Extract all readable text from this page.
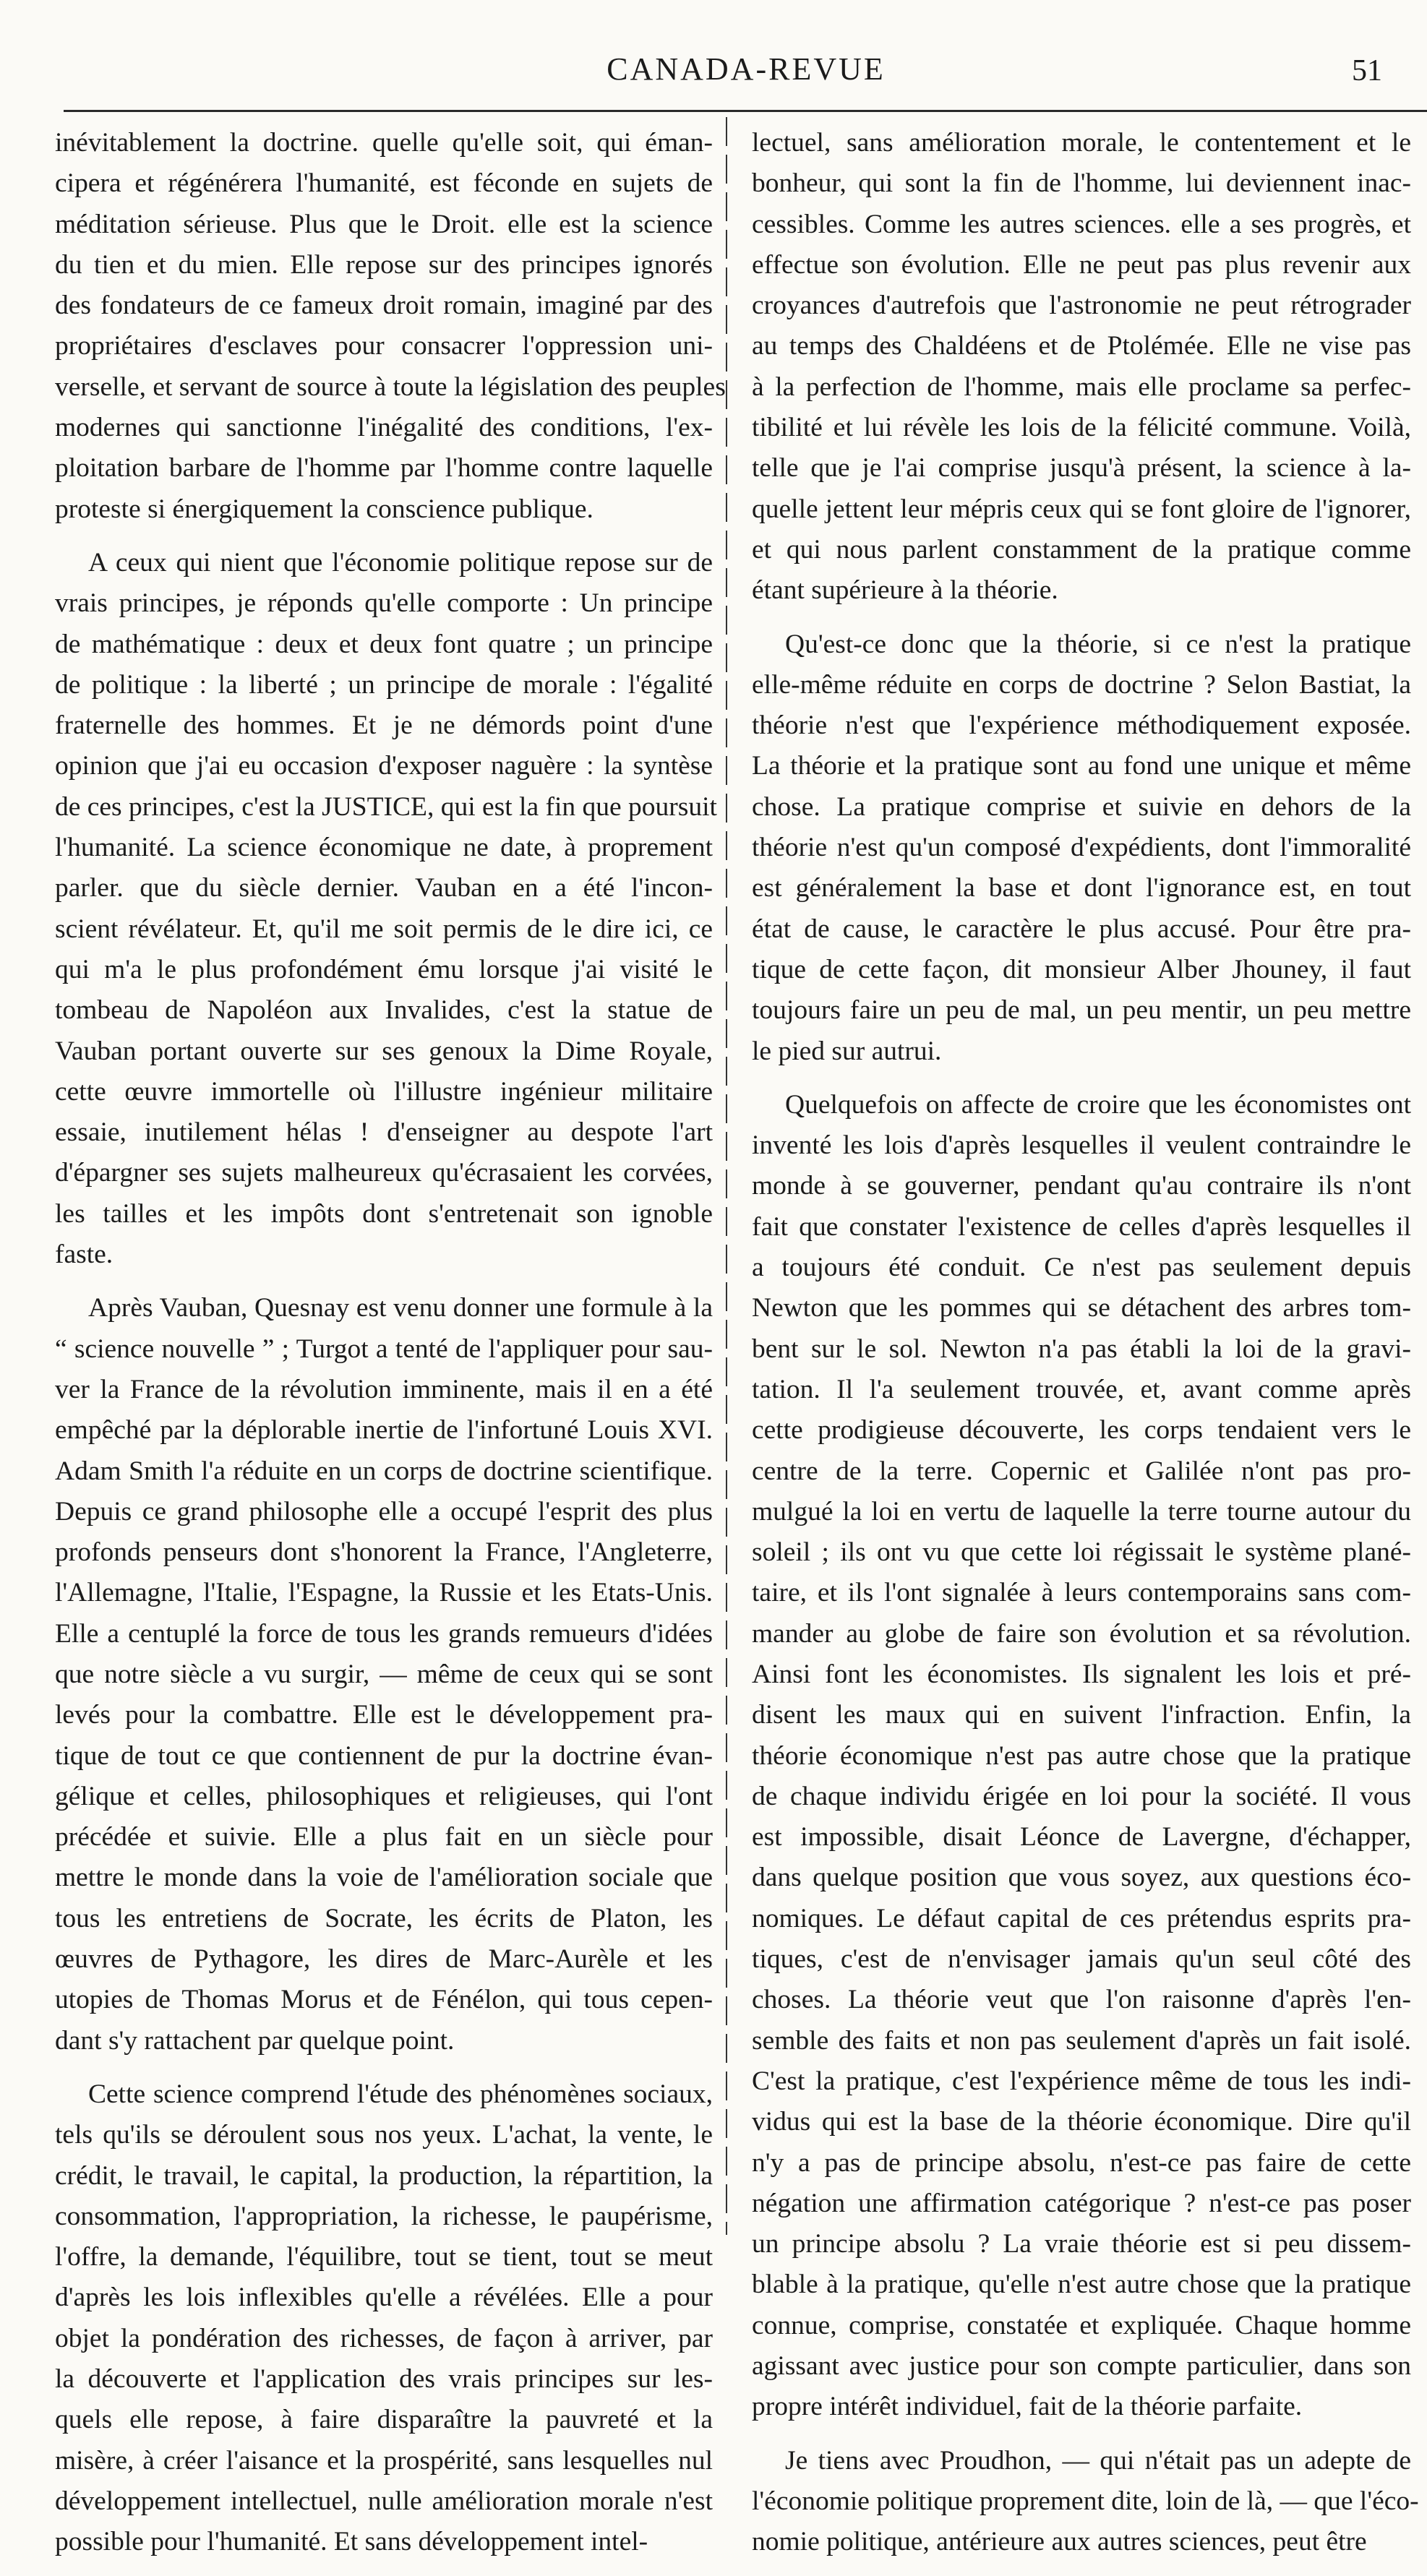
CANADA-REVUE	51

inévitablement la doctrine. quelle qu'elle soit, qui éman-
cipera et régénérera l'humanité, est féconde en sujets de
méditation sérieuse. Plus que le Droit. elle est la science
du tien et du mien. Elle repose sur des principes ignorés
des fondateurs de ce fameux droit romain, imaginé par des
propriétaires d'esclaves pour consacrer l'oppression uni-
verselle, et servant de source à toute la législation des peuples
modernes qui sanctionne l'inégalité des conditions, l'ex-
ploitation barbare de l'homme par l'homme contre laquelle
proteste si énergiquement la conscience publique.

A ceux qui nient que l'économie politique repose sur de
vrais principes, je réponds qu'elle comporte : Un principe
de mathématique : deux et deux font quatre ; un principe
de politique : la liberté ; un principe de morale : l'égalité
fraternelle des hommes. Et je ne démords point d'une
opinion que j'ai eu occasion d'exposer naguère : la syntèse
de ces principes, c'est la JUSTICE, qui est la fin que poursuit
l'humanité. La science économique ne date, à proprement
parler. que du siècle dernier. Vauban en a été l'incon-
scient révélateur. Et, qu'il me soit permis de le dire ici, ce
qui m'a le plus profondément ému lorsque j'ai visité le
tombeau de Napoléon aux Invalides, c'est la statue de
Vauban portant ouverte sur ses genoux la Dime Royale,
cette œuvre immortelle où l'illustre ingénieur militaire
essaie, inutilement hélas ! d'enseigner au despote l'art
d'épargner ses sujets malheureux qu'écrasaient les corvées,
les tailles et les impôts dont s'entretenait son ignoble
faste.

Après Vauban, Quesnay est venu donner une formule à la
“ science nouvelle ” ; Turgot a tenté de l'appliquer pour sau-
ver la France de la révolution imminente, mais il en a été
empêché par la déplorable inertie de l'infortuné Louis XVI.
Adam Smith l'a réduite en un corps de doctrine scientifique.
Depuis ce grand philosophe elle a occupé l'esprit des plus
profonds penseurs dont s'honorent la France, l'Angleterre,
l'Allemagne, l'Italie, l'Espagne, la Russie et les Etats-Unis.
Elle a centuplé la force de tous les grands remueurs d'idées
que notre siècle a vu surgir, — même de ceux qui se sont
levés pour la combattre. Elle est le développement pra-
tique de tout ce que contiennent de pur la doctrine évan-
gélique et celles, philosophiques et religieuses, qui l'ont
précédée et suivie. Elle a plus fait en un siècle pour
mettre le monde dans la voie de l'amélioration sociale que
tous les entretiens de Socrate, les écrits de Platon, les
œuvres de Pythagore, les dires de Marc-Aurèle et les
utopies de Thomas Morus et de Fénélon, qui tous cepen-
dant s'y rattachent par quelque point.

Cette science comprend l'étude des phénomènes sociaux,
tels qu'ils se déroulent sous nos yeux. L'achat, la vente, le
crédit, le travail, le capital, la production, la répartition, la
consommation, l'appropriation, la richesse, le paupérisme,
l'offre, la demande, l'équilibre, tout se tient, tout se meut
d'après les lois inflexibles qu'elle a révélées. Elle a pour
objet la pondération des richesses, de façon à arriver, par
la découverte et l'application des vrais principes sur les-
quels elle repose, à faire disparaître la pauvreté et la
misère, à créer l'aisance et la prospérité, sans lesquelles nul
développement intellectuel, nulle amélioration morale n'est
possible pour l'humanité. Et sans développement intel-

lectuel, sans amélioration morale, le contentement et le
bonheur, qui sont la fin de l'homme, lui deviennent inac-
cessibles. Comme les autres sciences. elle a ses progrès, et
effectue son évolution. Elle ne peut pas plus revenir aux
croyances d'autrefois que l'astronomie ne peut rétrograder
au temps des Chaldéens et de Ptolémée. Elle ne vise pas
à la perfection de l'homme, mais elle proclame sa perfec-
tibilité et lui révèle les lois de la félicité commune. Voilà,
telle que je l'ai comprise jusqu'à présent, la science à la-
quelle jettent leur mépris ceux qui se font gloire de l'ignorer,
et qui nous parlent constamment de la pratique comme
étant supérieure à la théorie.

Qu'est-ce donc que la théorie, si ce n'est la pratique
elle-même réduite en corps de doctrine ? Selon Bastiat, la
théorie n'est que l'expérience méthodiquement exposée.
La théorie et la pratique sont au fond une unique et même
chose. La pratique comprise et suivie en dehors de la
théorie n'est qu'un composé d'expédients, dont l'immoralité
est généralement la base et dont l'ignorance est, en tout
état de cause, le caractère le plus accusé. Pour être pra-
tique de cette façon, dit monsieur Alber Jhouney, il faut
toujours faire un peu de mal, un peu mentir, un peu mettre
le pied sur autrui.

Quelquefois on affecte de croire que les économistes ont
inventé les lois d'après lesquelles il veulent contraindre le
monde à se gouverner, pendant qu'au contraire ils n'ont
fait que constater l'existence de celles d'après lesquelles il
a toujours été conduit. Ce n'est pas seulement depuis
Newton que les pommes qui se détachent des arbres tom-
bent sur le sol. Newton n'a pas établi la loi de la gravi-
tation. Il l'a seulement trouvée, et, avant comme après
cette prodigieuse découverte, les corps tendaient vers le
centre de la terre. Copernic et Galilée n'ont pas pro-
mulgué la loi en vertu de laquelle la terre tourne autour du
soleil ; ils ont vu que cette loi régissait le système plané-
taire, et ils l'ont signalée à leurs contemporains sans com-
mander au globe de faire son évolution et sa révolution.
Ainsi font les économistes. Ils signalent les lois et pré-
disent les maux qui en suivent l'infraction. Enfin, la
théorie économique n'est pas autre chose que la pratique
de chaque individu érigée en loi pour la société. Il vous
est impossible, disait Léonce de Lavergne, d'échapper,
dans quelque position que vous soyez, aux questions éco-
nomiques. Le défaut capital de ces prétendus esprits pra-
tiques, c'est de n'envisager jamais qu'un seul côté des
choses. La théorie veut que l'on raisonne d'après l'en-
semble des faits et non pas seulement d'après un fait isolé.
C'est la pratique, c'est l'expérience même de tous les indi-
vidus qui est la base de la théorie économique. Dire qu'il
n'y a pas de principe absolu, n'est-ce pas faire de cette
négation une affirmation catégorique ? n'est-ce pas poser
un principe absolu ? La vraie théorie est si peu dissem-
blable à la pratique, qu'elle n'est autre chose que la pratique
connue, comprise, constatée et expliquée. Chaque homme
agissant avec justice pour son compte particulier, dans son
propre intérêt individuel, fait de la théorie parfaite.

Je tiens avec Proudhon, — qui n'était pas un adepte de
l'économie politique proprement dite, loin de là, — que l'éco-
nomie politique, antérieure aux autres sciences, peut être
